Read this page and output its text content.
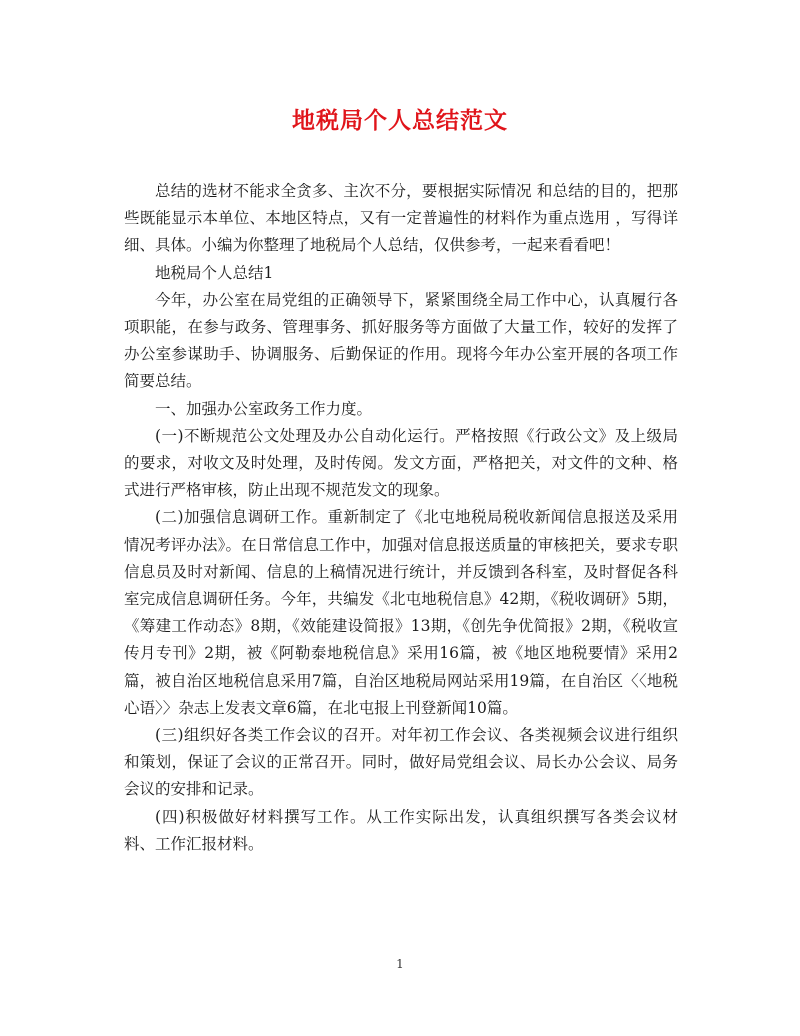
地税局个人总结范文

总结的选材不能求全贪多、主次不分，要根据实际情况 和总结的目的，把那些既能显示本单位、本地区特点，又有一定普遍性的材料作为重点选用 ，写得详细、具体。小编为你整理了地税局个人总结，仅供参考，一起来看看吧！

地税局个人总结1

今年，办公室在局党组的正确领导下，紧紧围绕全局工作中心，认真履行各项职能，在参与政务、管理事务、抓好服务等方面做了大量工作，较好的发挥了办公室参谋助手、协调服务、后勤保证的作用。现将今年办公室开展的各项工作简要总结。

一、加强办公室政务工作力度。

(一)不断规范公文处理及办公自动化运行。严格按照《行政公文》及上级局的要求，对收文及时处理，及时传阅。发文方面，严格把关，对文件的文种、格式进行严格审核，防止出现不规范发文的现象。

(二)加强信息调研工作。重新制定了《北屯地税局税收新闻信息报送及采用情况考评办法》。在日常信息工作中，加强对信息报送质量的审核把关，要求专职信息员及时对新闻、信息的上稿情况进行统计，并反馈到各科室，及时督促各科室完成信息调研任务。今年，共编发《北屯地税信息》42期，《税收调研》5期，《筹建工作动态》8期，《效能建设简报》13期，《创先争优简报》2期，《税收宣传月专刊》2期，被《阿勒泰地税信息》采用16篇，被《地区地税要情》采用2篇，被自治区地税信息采用7篇，自治区地税局网站采用19篇，在自治区〈〈地税心语〉〉杂志上发表文章6篇，在北屯报上刊登新闻10篇。

(三)组织好各类工作会议的召开。对年初工作会议、各类视频会议进行组织和策划，保证了会议的正常召开。同时，做好局党组会议、局长办公会议、局务会议的安排和记录。

(四)积极做好材料撰写工作。从工作实际出发，认真组织撰写各类会议材料、工作汇报材料。

1
